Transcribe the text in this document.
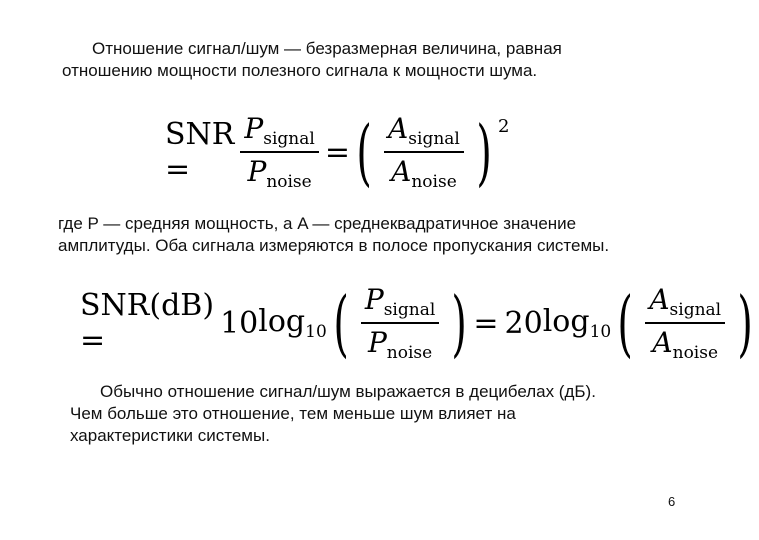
Отношение сигнал/шум — безразмерная величина, равная
отношению мощности полезного сигнала к мощности шума.
SNR =	$\frac{P_{signal}}{P_{noise}}$ = ( $\frac{A_{signal}}{A_{noise}}$ ) 2
где P — средняя мощность, а A — среднеквадратичное значение
амплитуды. Оба сигнала измеряются в полосе пропускания системы.
SNR(dB) =	10 $\log_{10}$ ( $\frac{P_{signal}}{P_{noise}}$ ) = 20 $\log_{10}$ ( $\frac{A_{signal}}{A_{noise}}$ )
Обычно отношение сигнал/шум выражается в децибелах (дБ).
Чем больше это отношение, тем меньше шум влияет на
характеристики системы.
6
